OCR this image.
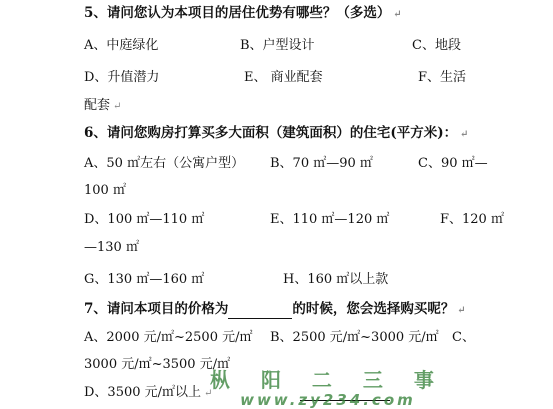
5、请问您认为本项目的居住优势有哪些？（多选） ↵
A、中庭绿化	B、户型设计	C、地段
D、升值潜力	E、 商业配套	F、生活
配套 ↵
6、请问您购房打算买多大面积（建筑面积）的住宅(平方米)： ↵
A、50 ㎡左右（公寓户型） B、70 ㎡—90 ㎡	C、90 ㎡—
100 ㎡
D、100 ㎡—110 ㎡	E、110 ㎡—120 ㎡	F、120 ㎡
—130 ㎡
G、130 ㎡—160 ㎡	H、160 ㎡以上款
7、请问本项目的价格为	的时候，您会选择购买呢？ ↵
A、2000 元/㎡~2500 元/㎡ B、2500 元/㎡~3000 元/㎡ C、
3000 元/㎡~3500 元/㎡
D、3500 元/㎡以上 ↵
枞 阳 二 三 事
www.zy234.com
